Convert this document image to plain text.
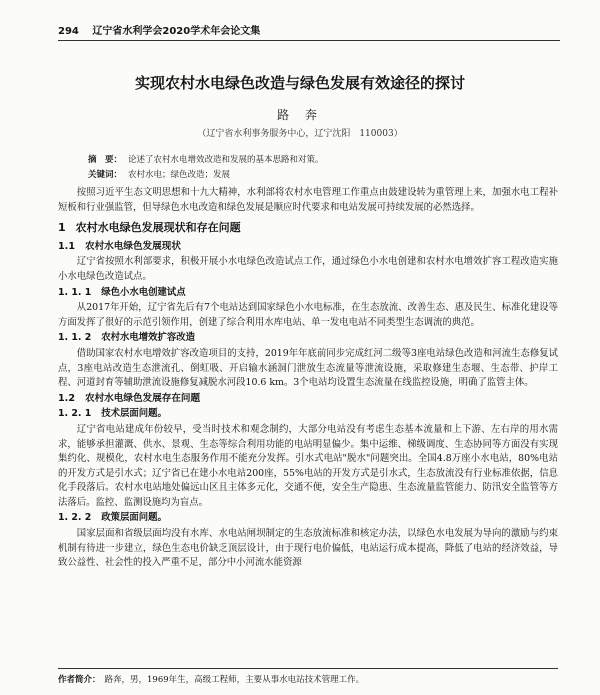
294 辽宁省水利学会2020学术年会论文集
实现农村水电绿色改造与绿色发展有效途径的探讨
路 奔
（辽宁省水利事务服务中心，辽宁沈阳　110003）
摘　要： 论述了农村水电增效改造和发展的基本思路和对策。
关键词： 农村水电；绿色改造；发展

按照习近平生态文明思想和十九大精神，水利部将农村水电管理工作重点由鼓建设转为重管理上来，加强水电工程补短板和行业强监管，但导绿色水电改造和绿色发展是顺应时代要求和电站发展可持续发展的必然选择。

1 农村水电绿色发展现状和存在问题
1.1 农村水电绿色发展现状

辽宁省按照水利部要求，积极开展小水电绿色改造试点工作，通过绿色小水电创建和农村水电增效扩容工程改造实施小水电绿色改造试点。

1. 1. 1 绿色小水电创建试点

从2017年开始，辽宁省先后有7个电站达到国家绿色小水电标准，在生态放流、改善生态、惠及民生、标准化建设等方面发挥了很好的示范引领作用，创建了综合利用水库电站、单一发电电站不同类型生态调流的典范。

1. 1. 2 农村水电增效扩容改造

借助国家农村水电增效扩容改造项目的支持，2019年年底前同步完成红河二级等3座电站绿色改造和河流生态修复试点，3座电站改造生态泄流孔、倒虹吸、开启输水涵洞门泄放生态流量等泄流设施，采取修建生态堰、生态带、护岸工程、河道封育等辅助泄流设施修复减脱水河段10.6 km。3个电站均设置生态流量在线监控设施，明确了监管主体。

1.2 农村水电绿色发展存在问题
1. 2. 1 技术层面问题。

辽宁省电站建成年份较早，受当时技术和观念制约，大部分电站没有考虑生态基本流量和上下游、左右岸的用水需求，能够承担灌溉、供水、景观、生态等综合利用功能的电站明显偏少。集中运维、梯级调度、生态协同等方面没有实现集约化、规模化，农村水电生态服务作用不能充分发挥。引水式电站"脱水"问题突出。全国4.8万座小水电站，80%电站的开发方式是引水式；辽宁省已在建小水电站200座，55%电站的开发方式是引水式，生态放流没有行业标准依据，信息化手段落后。农村水电站地处偏远山区且主体多元化，交通不便，安全生产隐患、生态流量监管能力、防汛安全监管等方法落后。监控、监测设施均为盲点。

1. 2. 2 政策层面问题。

国家层面和省级层面均没有水库、水电站闸坝制定的生态放流标准和核定办法，以绿色水电发展为导向的激励与约束机制有待进一步建立，绿色生态电价缺乏顶层设计，由于现行电价偏低，电站运行成本提高，降低了电站的经济效益，导致公益性、社会性的投入严重不足，部分中小河流水能资源

作者简介： 路奔，男，1969年生，高级工程师，主要从事水电站技术管理工作。
